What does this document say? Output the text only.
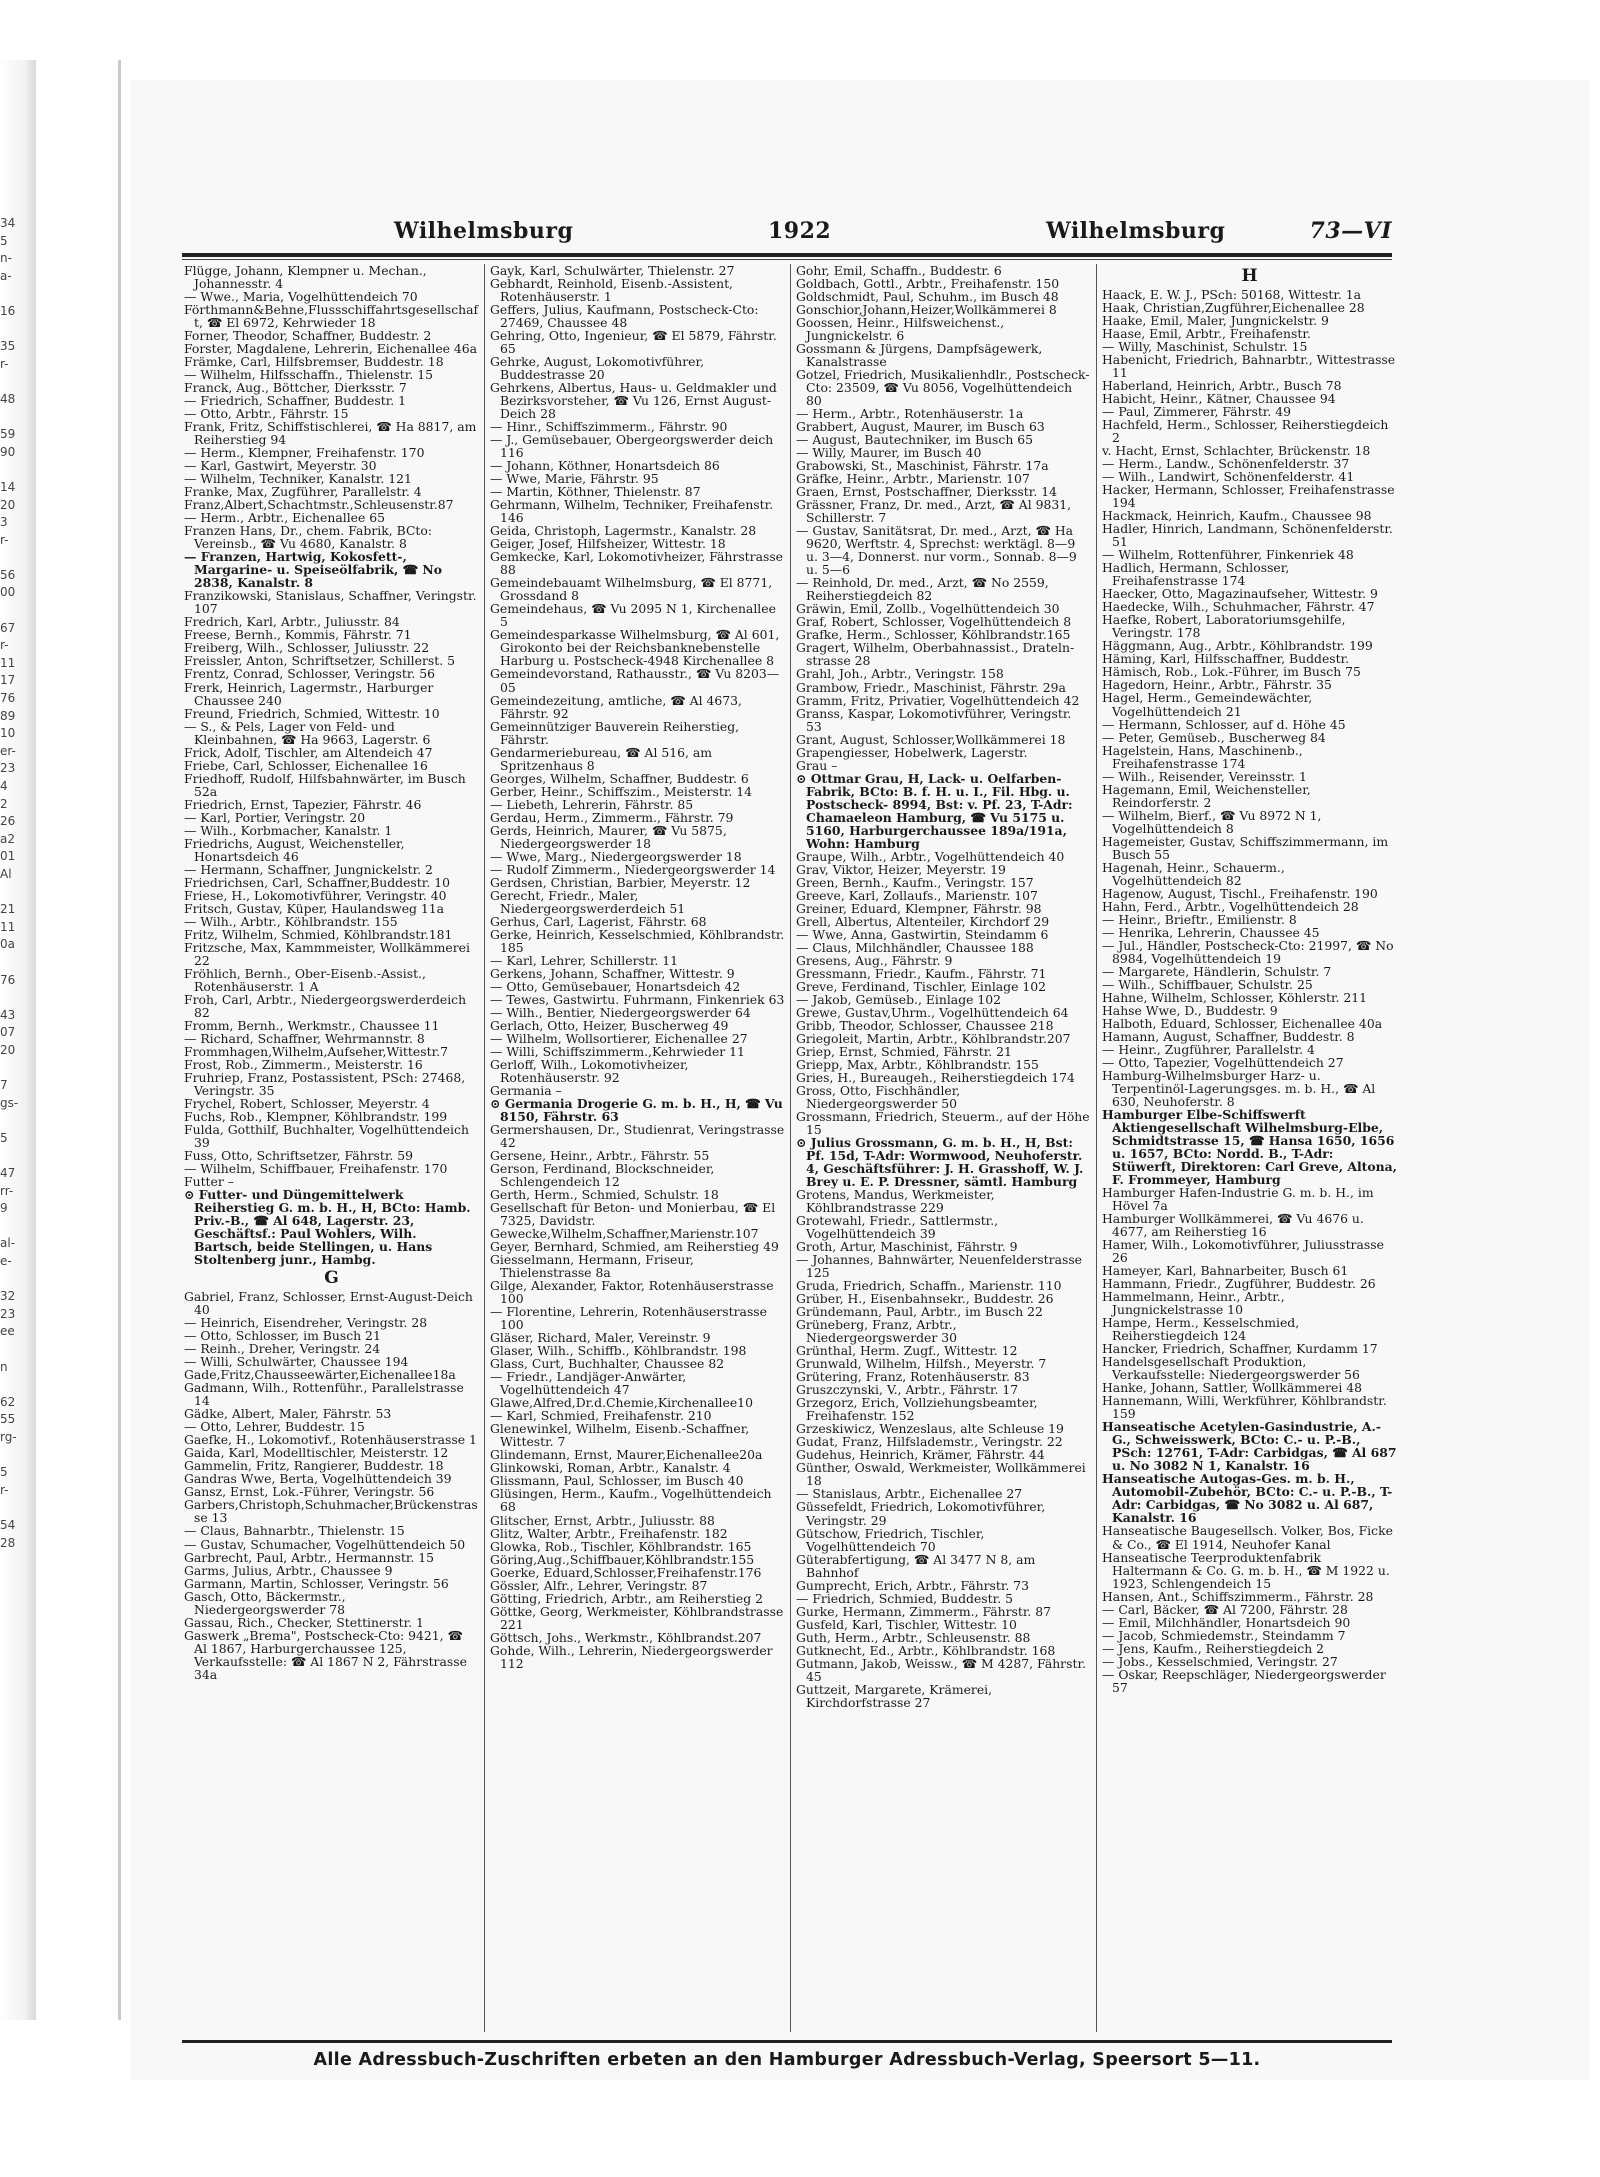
34
5
n-
a-
16
35
r-
48
59
90
14
20
3
r-
56
00
67
r-
11
17
76
89
10
er-
23
4
2
26
a2
01
Al
21
11
0a
76
43
07
20
7
gs-
5
47
rr-
9
al-
e-
32
23
ee
n
62
55
rg-
5
r-
54
28
Wilhelmsburg	1922	Wilhelmsburg	73—VI
Flügge, Johann, Klempner u. Mechan., Johannesstr. 4
— Wwe., Maria, Vogelhüttendeich 70
Förthmann&Behne,Flussschiffahrtsgesellschaft, ☎ El 6972, Kehrwieder 18
Forner, Theodor, Schaffner, Buddestr. 2
Forster, Magdalene, Lehrerin, Eichenallee 46a
Främke, Carl, Hilfsbremser, Buddestr. 18
— Wilhelm, Hilfsschaffn., Thielenstr. 15
Franck, Aug., Böttcher, Dierksstr. 7
— Friedrich, Schaffner, Buddestr. 1
— Otto, Arbtr., Fährstr. 15
Frank, Fritz, Schiffstischlerei, ☎ Ha 8817, am Reiherstieg 94
— Herm., Klempner, Freihafenstr. 170
— Karl, Gastwirt, Meyerstr. 30
— Wilhelm, Techniker, Kanalstr. 121
Franke, Max, Zugführer, Parallelstr. 4
Franz,Albert,Schachtmstr.,Schleusenstr.87
— Herm., Arbtr., Eichenallee 65
Franzen Hans, Dr., chem. Fabrik, BCto: Vereinsb., ☎ Vu 4680, Kanalstr. 8
— Franzen, Hartwig, Kokosfett-, Margarine- u. Speiseölfabrik, ☎ No 2838, Kanalstr. 8
Franzikowski, Stanislaus, Schaffner, Veringstr. 107
Fredrich, Karl, Arbtr., Juliusstr. 84
Freese, Bernh., Kommis, Fährstr. 71
Freiberg, Wilh., Schlosser, Juliusstr. 22
Freissler, Anton, Schriftsetzer, Schillerst. 5
Frentz, Conrad, Schlosser, Veringstr. 56
Frerk, Heinrich, Lagermstr., Harburger Chaussee 240
Freund, Friedrich, Schmied, Wittestr. 10
— S., & Pels, Lager von Feld- und Kleinbahnen, ☎ Ha 9663, Lagerstr. 6
Frick, Adolf, Tischler, am Altendeich 47
Friebe, Carl, Schlosser, Eichenallee 16
Friedhoff, Rudolf, Hilfsbahnwärter, im Busch 52a
Friedrich, Ernst, Tapezier, Fährstr. 46
— Karl, Portier, Veringstr. 20
— Wilh., Korbmacher, Kanalstr. 1
Friedrichs, August, Weichensteller, Honartsdeich 46
— Hermann, Schaffner, Jungnickelstr. 2
Friedrichsen, Carl, Schaffner,Buddestr. 10
Friese, H., Lokomotivführer, Veringstr. 40
Fritsch, Gustav, Küper, Haulandsweg 11a
— Wilh., Arbtr., Köhlbrandstr. 155
Fritz, Wilhelm, Schmied, Köhlbrandstr.181
Fritzsche, Max, Kammmeister, Wollkämmerei 22
Fröhlich, Bernh., Ober-Eisenb.-Assist., Rotenhäuserstr. 1 A
Froh, Carl, Arbtr., Niedergeorgswerderdeich 82
Fromm, Bernh., Werkmstr., Chaussee 11
— Richard, Schaffner, Wehrmannstr. 8
Frommhagen,Wilhelm,Aufseher,Wittestr.7
Frost, Rob., Zimmerm., Meisterstr. 16
Fruhriep, Franz, Postassistent, PSch: 27468, Veringstr. 35
Frychel, Robert, Schlosser, Meyerstr. 4
Fuchs, Rob., Klempner, Köhlbrandstr. 199
Fulda, Gotthilf, Buchhalter, Vogelhüttendeich 39
Fuss, Otto, Schriftsetzer, Fährstr. 59
— Wilhelm, Schiffbauer, Freihafenstr. 170
Futter –
⊙ Futter- und Düngemittelwerk Reiherstieg G. m. b. H., H, BCto: Hamb. Priv.-B., ☎ Al 648, Lagerstr. 23, Geschäftsf.: Paul Wohlers, Wilh. Bartsch, beide Stellingen, u. Hans Stoltenberg junr., Hambg.
G
Gabriel, Franz, Schlosser, Ernst-August-Deich 40
— Heinrich, Eisendreher, Veringstr. 28
— Otto, Schlosser, im Busch 21
— Reinh., Dreher, Veringstr. 24
— Willi, Schulwärter, Chaussee 194
Gade,Fritz,Chausseewärter,Eichenallee18a
Gadmann, Wilh., Rottenführ., Parallelstrasse 14
Gädke, Albert, Maler, Fährstr. 53
— Otto, Lehrer, Buddestr. 15
Gaefke, H., Lokomotivf., Rotenhäuserstrasse 1
Gaida, Karl, Modelltischler, Meisterstr. 12
Gammelin, Fritz, Rangierer, Buddestr. 18
Gandras Wwe, Berta, Vogelhüttendeich 39
Gansz, Ernst, Lok.-Führer, Veringstr. 56
Garbers,Christoph,Schuhmacher,Brückenstrasse 13
— Claus, Bahnarbtr., Thielenstr. 15
— Gustav, Schumacher, Vogelhüttendeich 50
Garbrecht, Paul, Arbtr., Hermannstr. 15
Garms, Julius, Arbtr., Chaussee 9
Garmann, Martin, Schlosser, Veringstr. 56
Gasch, Otto, Bäckermstr., Niedergeorgswerder 78
Gassau, Rich., Checker, Stettinerstr. 1
Gaswerk „Brema", Postscheck-Cto: 9421, ☎ Al 1867, Harburgerchaussee 125, Verkaufsstelle: ☎ Al 1867 N 2, Fährstrasse 34a
Gayk, Karl, Schulwärter, Thielenstr. 27
Gebhardt, Reinhold, Eisenb.-Assistent, Rotenhäuserstr. 1
Geffers, Julius, Kaufmann, Postscheck-Cto: 27469, Chaussee 48
Gehring, Otto, Ingenieur, ☎ El 5879, Fährstr. 65
Gehrke, August, Lokomotivführer, Buddestrasse 20
Gehrkens, Albertus, Haus- u. Geldmakler und Bezirksvorsteher, ☎ Vu 126, Ernst August-Deich 28
— Hinr., Schiffszimmerm., Fährstr. 90
— J., Gemüsebauer, Obergeorgswerder deich 116
— Johann, Köthner, Honartsdeich 86
— Wwe, Marie, Fährstr. 95
— Martin, Köthner, Thielenstr. 87
Gehrmann, Wilhelm, Techniker, Freihafenstr. 146
Geida, Christoph, Lagermstr., Kanalstr. 28
Geiger, Josef, Hilfsheizer, Wittestr. 18
Gemkecke, Karl, Lokomotivheizer, Fährstrasse 88
Gemeindebauamt Wilhelmsburg, ☎ El 8771, Grossdand 8
Gemeindehaus, ☎ Vu 2095 N 1, Kirchenallee 5
Gemeindesparkasse Wilhelmsburg, ☎ Al 601, Girokonto bei der Reichsbanknebenstelle Harburg u. Postscheck-4948 Kirchenallee 8
Gemeindevorstand, Rathausstr., ☎ Vu 8203—05
Gemeindezeitung, amtliche, ☎ Al 4673, Fährstr. 92
Gemeinnütziger Bauverein Reiherstieg, Fährstr.
Gendarmeriebureau, ☎ Al 516, am Spritzenhaus 8
Georges, Wilhelm, Schaffner, Buddestr. 6
Gerber, Heinr., Schiffszim., Meisterstr. 14
— Liebeth, Lehrerin, Fährstr. 85
Gerdau, Herm., Zimmerm., Fährstr. 79
Gerds, Heinrich, Maurer, ☎ Vu 5875, Niedergeorgswerder 18
— Wwe, Marg., Niedergeorgswerder 18
— Rudolf Zimmerm., Niedergeorgswerder 14
Gerdsen, Christian, Barbier, Meyerstr. 12
Gerecht, Friedr., Maler, Niedergeorgswerderdeich 51
Gerhus, Carl, Lagerist, Fährstr. 68
Gerke, Heinrich, Kesselschmied, Köhlbrandstr. 185
— Karl, Lehrer, Schillerstr. 11
Gerkens, Johann, Schaffner, Wittestr. 9
— Otto, Gemüsebauer, Honartsdeich 42
— Tewes, Gastwirtu. Fuhrmann, Finkenriek 63
— Wilh., Bentier, Niedergeorgswerder 64
Gerlach, Otto, Heizer, Buscherweg 49
— Wilhelm, Wollsortierer, Eichenallee 27
— Willi, Schiffszimmerm.,Kehrwieder 11
Gerloff, Wilh., Lokomotivheizer, Rotenhäuserstr. 92
Germania –
⊙ Germania Drogerie G. m. b. H., H, ☎ Vu 8150, Fährstr. 63
Germershausen, Dr., Studienrat, Veringstrasse 42
Gersene, Heinr., Arbtr., Fährstr. 55
Gerson, Ferdinand, Blockschneider, Schlengendeich 12
Gerth, Herm., Schmied, Schulstr. 18
Gesellschaft für Beton- und Monierbau, ☎ El 7325, Davidstr.
Gewecke,Wilhelm,Schaffner,Marienstr.107
Geyer, Bernhard, Schmied, am Reiherstieg 49
Giesselmann, Hermann, Friseur, Thielenstrasse 8a
Gilge, Alexander, Faktor, Rotenhäuserstrasse 100
— Florentine, Lehrerin, Rotenhäuserstrasse 100
Gläser, Richard, Maler, Vereinstr. 9
Glaser, Wilh., Schiffb., Köhlbrandstr. 198
Glass, Curt, Buchhalter, Chaussee 82
— Friedr., Landjäger-Anwärter, Vogelhüttendeich 47
Glawe,Alfred,Dr.d.Chemie,Kirchenallee10
— Karl, Schmied, Freihafenstr. 210
Glenewinkel, Wilhelm, Eisenb.-Schaffner, Wittestr. 7
Glindemann, Ernst, Maurer,Eichenallee20a
Glinkowski, Roman, Arbtr., Kanalstr. 4
Glissmann, Paul, Schlosser, im Busch 40
Glüsingen, Herm., Kaufm., Vogelhüttendeich 68
Glitscher, Ernst, Arbtr., Juliusstr. 88
Glitz, Walter, Arbtr., Freihafenstr. 182
Glowka, Rob., Tischler, Köhlbrandstr. 165
Göring,Aug.,Schiffbauer,Köhlbrandstr.155
Goerke, Eduard,Schlosser,Freihafenstr.176
Gössler, Alfr., Lehrer, Veringstr. 87
Götting, Friedrich, Arbtr., am Reiherstieg 2
Göttke, Georg, Werkmeister, Köhlbrandstrasse 221
Göttsch, Johs., Werkmstr., Köhlbrandst.207
Gohde, Wilh., Lehrerin, Niedergeorgswerder 112
Gohr, Emil, Schaffn., Buddestr. 6
Goldbach, Gottl., Arbtr., Freihafenstr. 150
Goldschmidt, Paul, Schuhm., im Busch 48
Gonschior,Johann,Heizer,Wollkämmerei 8
Goossen, Heinr., Hilfsweichenst., Jungnickelstr. 6
Gossmann & Jürgens, Dampfsägewerk, Kanalstrasse
Gotzel, Friedrich, Musikalienhdlr., Postscheck-Cto: 23509, ☎ Vu 8056, Vogelhüttendeich 80
— Herm., Arbtr., Rotenhäuserstr. 1a
Grabbert, August, Maurer, im Busch 63
— August, Bautechniker, im Busch 65
— Willy, Maurer, im Busch 40
Grabowski, St., Maschinist, Fährstr. 17a
Gräfke, Heinr., Arbtr., Marienstr. 107
Graen, Ernst, Postschaffner, Dierksstr. 14
Grässner, Franz, Dr. med., Arzt, ☎ Al 9831, Schillerstr. 7
— Gustav, Sanitätsrat, Dr. med., Arzt, ☎ Ha 9620, Werftstr. 4, Sprechst: werktägl. 8—9 u. 3—4, Donnerst. nur vorm., Sonnab. 8—9 u. 5—6
— Reinhold, Dr. med., Arzt, ☎ No 2559, Reiherstiegdeich 82
Gräwin, Emil, Zollb., Vogelhüttendeich 30
Graf, Robert, Schlosser, Vogelhüttendeich 8
Grafke, Herm., Schlosser, Köhlbrandstr.165
Gragert, Wilhelm, Oberbahnassist., Drateln-strasse 28
Grahl, Joh., Arbtr., Veringstr. 158
Grambow, Friedr., Maschinist, Fährstr. 29a
Gramm, Fritz, Privatier, Vogelhüttendeich 42
Granss, Kaspar, Lokomotivführer, Veringstr. 53
Grant, August, Schlosser,Wollkämmerei 18
Grapengiesser, Hobelwerk, Lagerstr.
Grau –
⊙ Ottmar Grau, H, Lack- u. Oelfarben-Fabrik, BCto: B. f. H. u. I., Fil. Hbg. u. Postscheck- 8994, Bst: v. Pf. 23, T-Adr: Chamaeleon Hamburg, ☎ Vu 5175 u. 5160, Harburgerchaussee 189a/191a, Wohn: Hamburg
Graupe, Wilh., Arbtr., Vogelhüttendeich 40
Grav, Viktor, Heizer, Meyerstr. 19
Green, Bernh., Kaufm., Veringstr. 157
Greeve, Karl, Zollaufs., Marienstr. 107
Greiner, Eduard, Klempner, Fährstr. 98
Grell, Albertus, Altenteiler, Kirchdorf 29
— Wwe, Anna, Gastwirtin, Steindamm 6
— Claus, Milchhändler, Chaussee 188
Gresens, Aug., Fährstr. 9
Gressmann, Friedr., Kaufm., Fährstr. 71
Greve, Ferdinand, Tischler, Einlage 102
— Jakob, Gemüseb., Einlage 102
Grewe, Gustav,Uhrm., Vogelhüttendeich 64
Gribb, Theodor, Schlosser, Chaussee 218
Griegoleit, Martin, Arbtr., Köhlbrandstr.207
Griep, Ernst, Schmied, Fährstr. 21
Griepp, Max, Arbtr., Köhlbrandstr. 155
Gries, H., Bureaugeh., Reiherstiegdeich 174
Gross, Otto, Fischhändler, Niedergeorgswerder 50
Grossmann, Friedrich, Steuerm., auf der Höhe 15
⊙ Julius Grossmann, G. m. b. H., H, Bst: Pf. 15d, T-Adr: Wormwood, Neuhoferstr. 4, Geschäftsführer: J. H. Grasshoff, W. J. Brey u. E. P. Dressner, sämtl. Hamburg
Grotens, Mandus, Werkmeister, Köhlbrandstrasse 229
Grotewahl, Friedr., Sattlermstr., Vogelhüttendeich 39
Groth, Artur, Maschinist, Fährstr. 9
— Johannes, Bahnwärter, Neuenfelderstrasse 125
Gruda, Friedrich, Schaffn., Marienstr. 110
Grüber, H., Eisenbahnsekr., Buddestr. 26
Gründemann, Paul, Arbtr., im Busch 22
Grüneberg, Franz, Arbtr., Niedergeorgswerder 30
Grünthal, Herm. Zugf., Wittestr. 12
Grunwald, Wilhelm, Hilfsh., Meyerstr. 7
Grütering, Franz, Rotenhäuserstr. 83
Gruszczynski, V., Arbtr., Fährstr. 17
Grzegorz, Erich, Vollziehungsbeamter, Freihafenstr. 152
Grzeskiwicz, Wenzeslaus, alte Schleuse 19
Gudat, Franz, Hilfslademstr., Veringstr. 22
Gudehus, Heinrich, Krämer, Fährstr. 44
Günther, Oswald, Werkmeister, Wollkämmerei 18
— Stanislaus, Arbtr., Eichenallee 27
Güssefeldt, Friedrich, Lokomotivführer, Veringstr. 29
Gütschow, Friedrich, Tischler, Vogelhüttendeich 70
Güterabfertigung, ☎ Al 3477 N 8, am Bahnhof
Gumprecht, Erich, Arbtr., Fährstr. 73
— Friedrich, Schmied, Buddestr. 5
Gurke, Hermann, Zimmerm., Fährstr. 87
Gusfeld, Karl, Tischler, Wittestr. 10
Guth, Herm., Arbtr., Schleusenstr. 88
Gutknecht, Ed., Arbtr., Köhlbrandstr. 168
Gutmann, Jakob, Weissw., ☎ M 4287, Fährstr. 45
Guttzeit, Margarete, Krämerei, Kirchdorfstrasse 27
H
Haack, E. W. J., PSch: 50168, Wittestr. 1a
Haak, Christian,Zugführer,Eichenallee 28
Haake, Emil, Maler, Jungnickelstr. 9
Haase, Emil, Arbtr., Freihafenstr.
— Willy, Maschinist, Schulstr. 15
Habenicht, Friedrich, Bahnarbtr., Wittestrasse 11
Haberland, Heinrich, Arbtr., Busch 78
Habicht, Heinr., Kätner, Chaussee 94
— Paul, Zimmerer, Fährstr. 49
Hachfeld, Herm., Schlosser, Reiherstiegdeich 2
v. Hacht, Ernst, Schlachter, Brückenstr. 18
— Herm., Landw., Schönenfelderstr. 37
— Wilh., Landwirt, Schönenfelderstr. 41
Hacker, Hermann, Schlosser, Freihafenstrasse 194
Hackmack, Heinrich, Kaufm., Chaussee 98
Hadler, Hinrich, Landmann, Schönenfelderstr. 51
— Wilhelm, Rottenführer, Finkenriek 48
Hadlich, Hermann, Schlosser, Freihafenstrasse 174
Haecker, Otto, Magazinaufseher, Wittestr. 9
Haedecke, Wilh., Schuhmacher, Fährstr. 47
Haefke, Robert, Laboratoriumsgehilfe, Veringstr. 178
Häggmann, Aug., Arbtr., Köhlbrandstr. 199
Häming, Karl, Hilfsschaffner, Buddestr.
Hämisch, Rob., Lok.-Führer, im Busch 75
Hagedorn, Heinr., Arbtr., Fährstr. 35
Hagel, Herm., Gemeindewächter, Vogelhüttendeich 21
— Hermann, Schlosser, auf d. Höhe 45
— Peter, Gemüseb., Buscherweg 84
Hagelstein, Hans, Maschinenb., Freihafenstrasse 174
— Wilh., Reisender, Vereinsstr. 1
Hagemann, Emil, Weichensteller, Reindorferstr. 2
— Wilhelm, Bierf., ☎ Vu 8972 N 1, Vogelhüttendeich 8
Hagemeister, Gustav, Schiffszimmermann, im Busch 55
Hagenah, Heinr., Schauerm., Vogelhüttendeich 82
Hagenow, August, Tischl., Freihafenstr. 190
Hahn, Ferd., Arbtr., Vogelhüttendeich 28
— Heinr., Brieftr., Emilienstr. 8
— Henrika, Lehrerin, Chaussee 45
— Jul., Händler, Postscheck-Cto: 21997, ☎ No 8984, Vogelhüttendeich 19
— Margarete, Händlerin, Schulstr. 7
— Wilh., Schiffbauer, Schulstr. 25
Hahne, Wilhelm, Schlosser, Köhlerstr. 211
Hahse Wwe, D., Buddestr. 9
Halboth, Eduard, Schlosser, Eichenallee 40a
Hamann, August, Schaffner, Buddestr. 8
— Heinr., Zugführer, Parallelstr. 4
— Otto, Tapezier, Vogelhüttendeich 27
Hamburg-Wilhelmsburger Harz- u. Terpentinöl-Lagerungsges. m. b. H., ☎ Al 630, Neuhoferstr. 8
Hamburger Elbe-Schiffswerft Aktiengesellschaft Wilhelmsburg-Elbe, Schmidtstrasse 15, ☎ Hansa 1650, 1656 u. 1657, BCto: Nordd. B., T-Adr: Stüwerft, Direktoren: Carl Greve, Altona, F. Frommeyer, Hamburg
Hamburger Hafen-Industrie G. m. b. H., im Hövel 7a
Hamburger Wollkämmerei, ☎ Vu 4676 u. 4677, am Reiherstieg 16
Hamer, Wilh., Lokomotivführer, Juliusstrasse 26
Hameyer, Karl, Bahnarbeiter, Busch 61
Hammann, Friedr., Zugführer, Buddestr. 26
Hammelmann, Heinr., Arbtr., Jungnickelstrasse 10
Hampe, Herm., Kesselschmied, Reiherstiegdeich 124
Hancker, Friedrich, Schaffner, Kurdamm 17
Handelsgesellschaft Produktion, Verkaufsstelle: Niedergeorgswerder 56
Hanke, Johann, Sattler, Wollkämmerei 48
Hannemann, Willi, Werkführer, Köhlbrandstr. 159
Hanseatische Acetylen-Gasindustrie, A.-G., Schweisswerk, BCto: C.- u. P.-B., PSch: 12761, T-Adr: Carbidgas, ☎ Al 687 u. No 3082 N 1, Kanalstr. 16
Hanseatische Autogas-Ges. m. b. H., Automobil-Zubehör, BCto: C.- u. P.-B., T-Adr: Carbidgas, ☎ No 3082 u. Al 687, Kanalstr. 16
Hanseatische Baugesellsch. Volker, Bos, Ficke & Co., ☎ El 1914, Neuhofer Kanal
Hanseatische Teerproduktenfabrik Haltermann & Co. G. m. b. H., ☎ M 1922 u. 1923, Schlengendeich 15
Hansen, Ant., Schiffszimmerm., Fährstr. 28
— Carl, Bäcker, ☎ Al 7200, Fährstr. 28
— Emil, Milchhändler, Honartsdeich 90
— Jacob, Schmiedemstr., Steindamm 7
— Jens, Kaufm., Reiherstiegdeich 2
— Jobs., Kesselschmied, Veringstr. 27
— Oskar, Reepschläger, Niedergeorgswerder 57
Alle Adressbuch-Zuschriften erbeten an den Hamburger Adressbuch-Verlag, Speersort 5—11.
